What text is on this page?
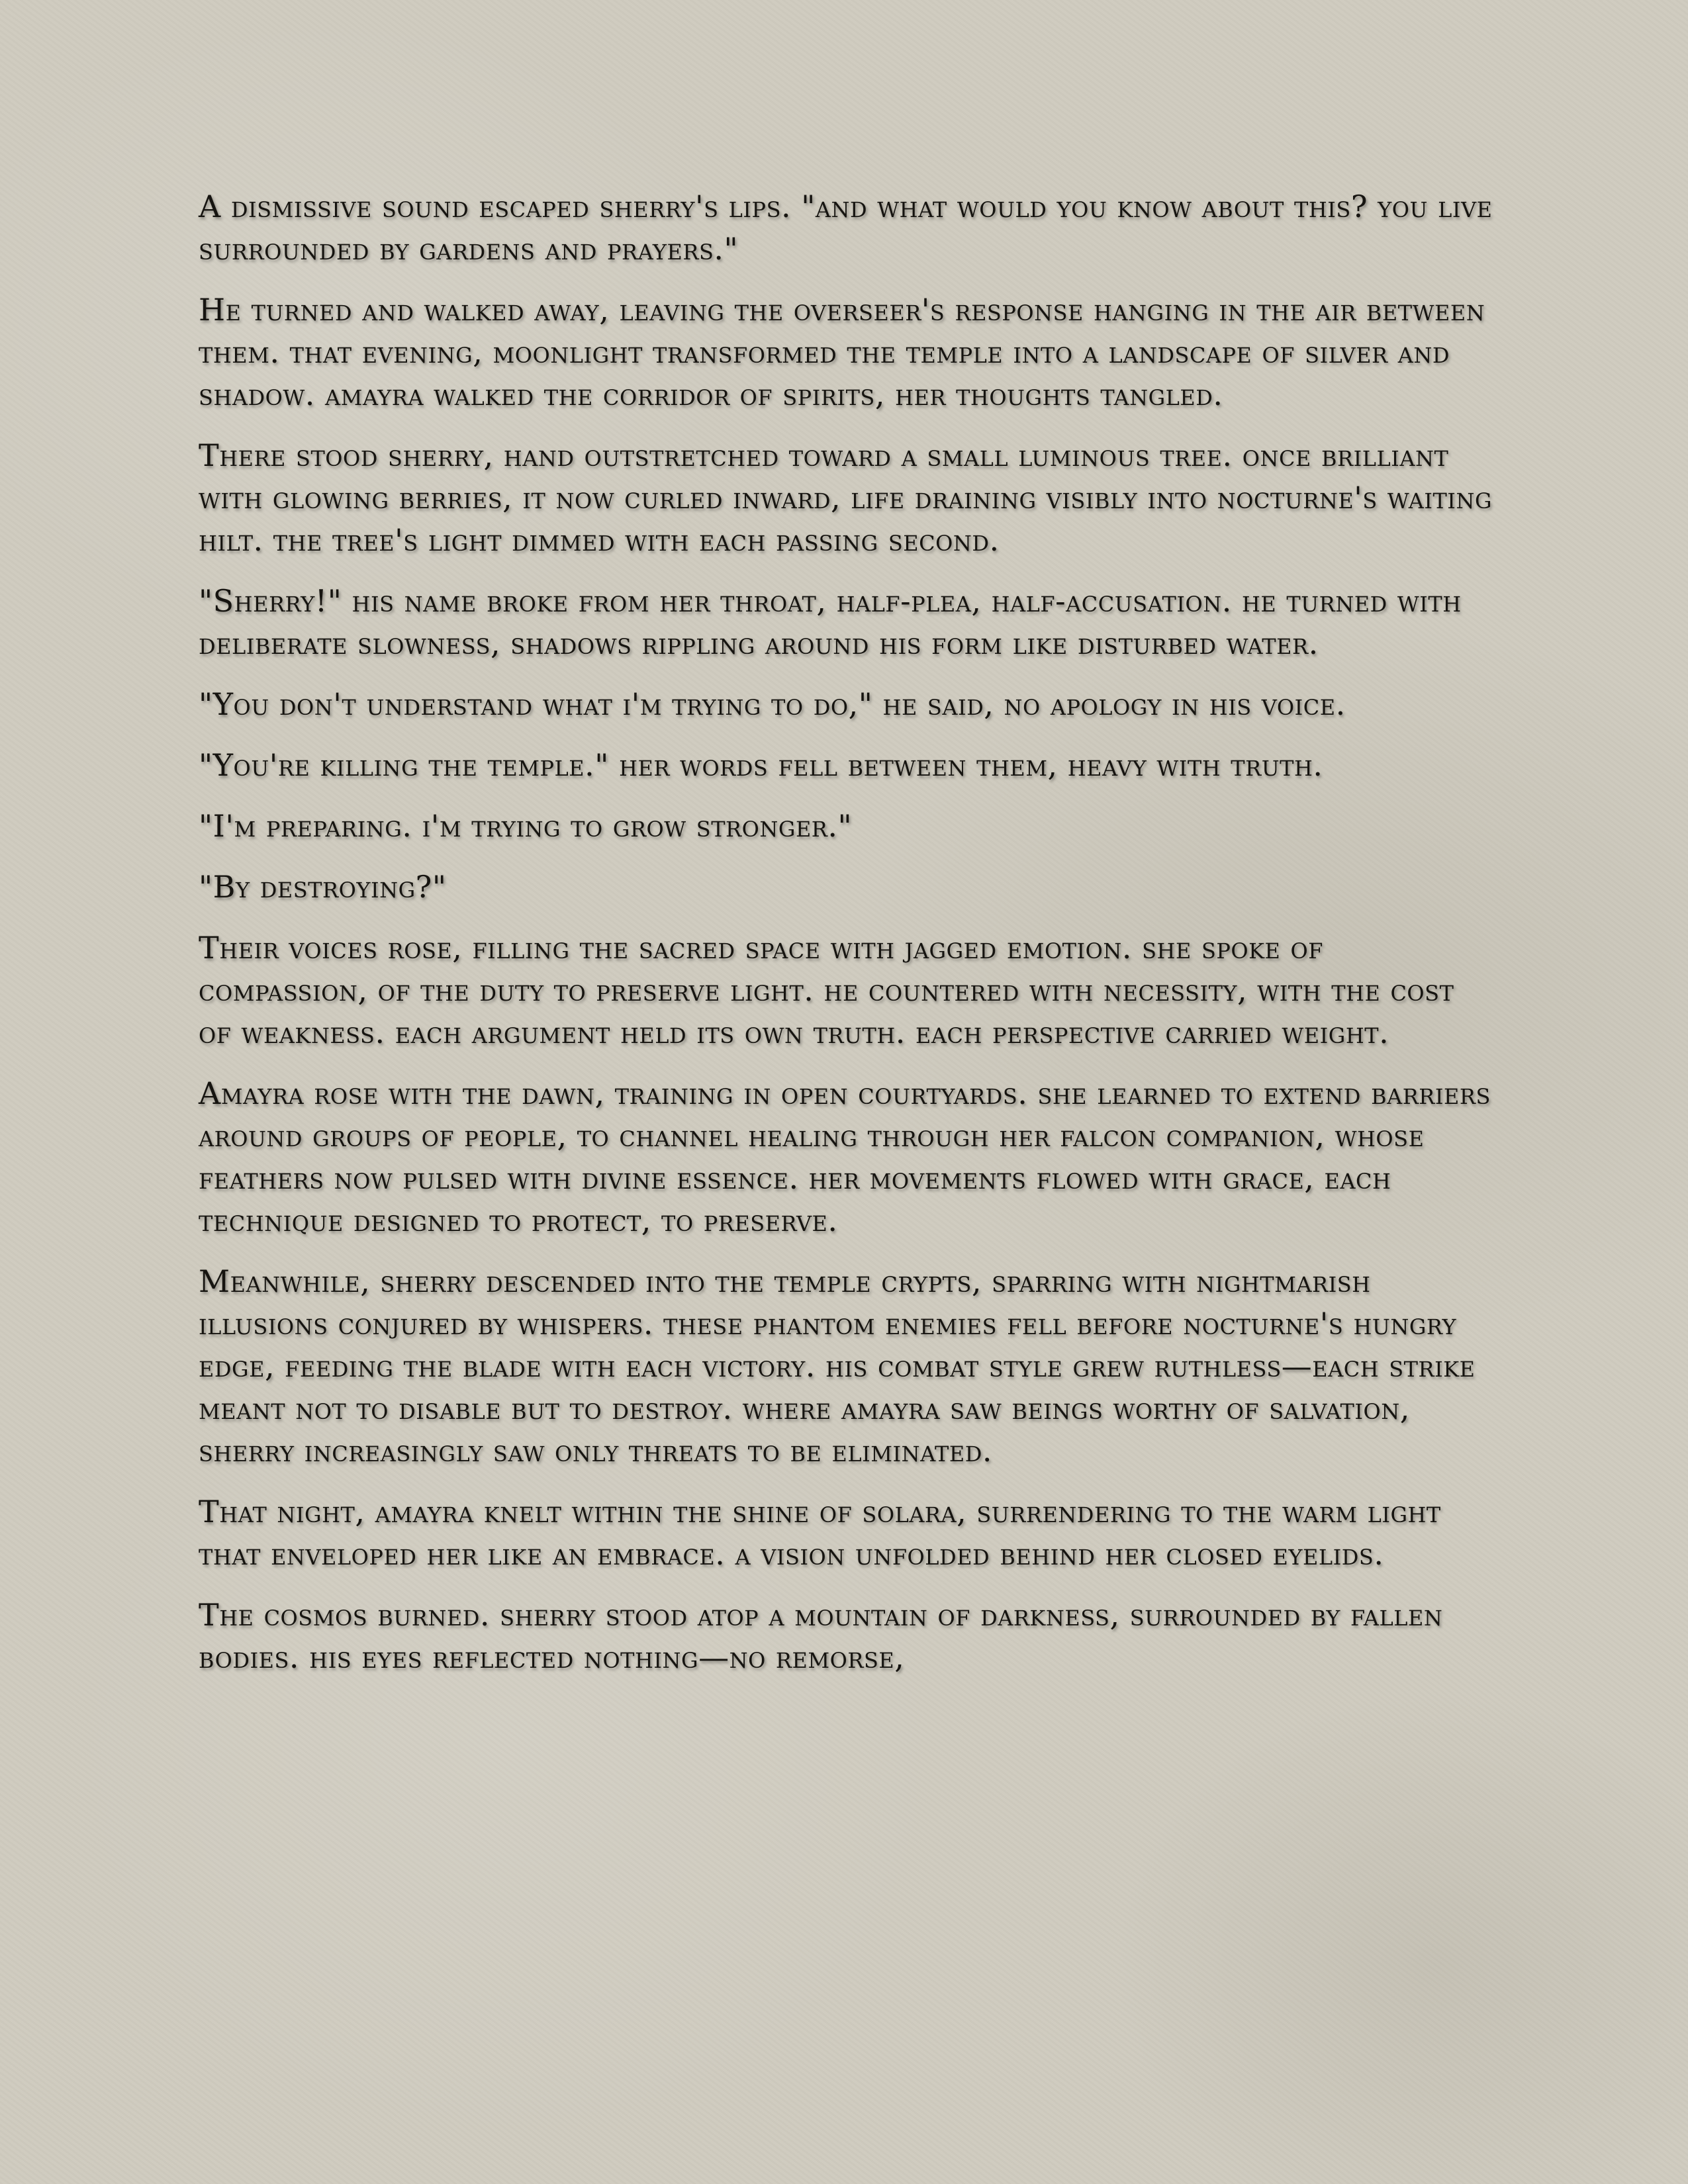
A dismissive sound escaped sherry's lips. "and what would you know about this? you live surrounded by gardens and prayers."

He turned and walked away, leaving the overseer's response hanging in the air between them. that evening, moonlight transformed the temple into a landscape of silver and shadow. amayra walked the corridor of spirits, her thoughts tangled.

There stood sherry, hand outstretched toward a small luminous tree. once brilliant with glowing berries, it now curled inward, life draining visibly into nocturne's waiting hilt. the tree's light dimmed with each passing second.

"Sherry!" his name broke from her throat, half-plea, half-accusation. he turned with deliberate slowness, shadows rippling around his form like disturbed water.

"You don't understand what i'm trying to do," he said, no apology in his voice.

"You're killing the temple." her words fell between them, heavy with truth.

"I'm preparing. i'm trying to grow stronger."

"By destroying?"

Their voices rose, filling the sacred space with jagged emotion. she spoke of compassion, of the duty to preserve light. he countered with necessity, with the cost of weakness. each argument held its own truth. each perspective carried weight.

Amayra rose with the dawn, training in open courtyards. she learned to extend barriers around groups of people, to channel healing through her falcon companion, whose feathers now pulsed with divine essence. her movements flowed with grace, each technique designed to protect, to preserve.

Meanwhile, sherry descended into the temple crypts, sparring with nightmarish illusions conjured by whispers. these phantom enemies fell before nocturne's hungry edge, feeding the blade with each victory. his combat style grew ruthless—each strike meant not to disable but to destroy. where amayra saw beings worthy of salvation, sherry increasingly saw only threats to be eliminated.

That night, amayra knelt within the shine of solara, surrendering to the warm light that enveloped her like an embrace. a vision unfolded behind her closed eyelids.

The cosmos burned. sherry stood atop a mountain of darkness, surrounded by fallen bodies. his eyes reflected nothing—no remorse,
